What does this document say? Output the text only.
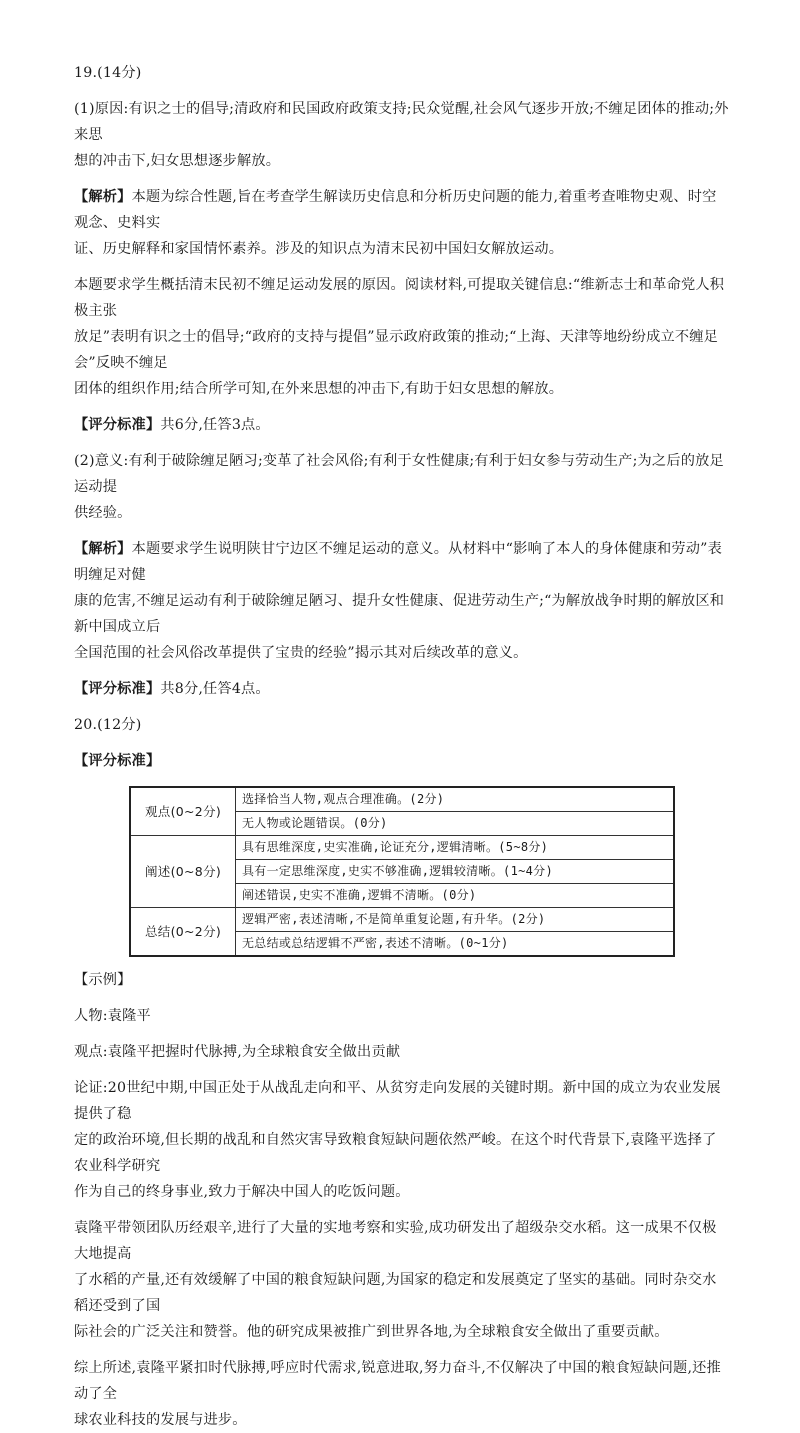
19.(14分)

(1)原因:有识之士的倡导;清政府和民国政府政策支持;民众觉醒,社会风气逐步开放;不缠足团体的推动;外来思

想的冲击下,妇女思想逐步解放。

【解析】本题为综合性题,旨在考查学生解读历史信息和分析历史问题的能力,着重考查唯物史观、时空观念、史料实

证、历史解释和家国情怀素养。涉及的知识点为清末民初中国妇女解放运动。

本题要求学生概括清末民初不缠足运动发展的原因。阅读材料,可提取关键信息:“维新志士和革命党人积极主张

放足”表明有识之士的倡导;“政府的支持与提倡”显示政府政策的推动;“上海、天津等地纷纷成立不缠足会”反映不缠足

团体的组织作用;结合所学可知,在外来思想的冲击下,有助于妇女思想的解放。

【评分标准】共6分,任答3点。

(2)意义:有利于破除缠足陋习;变革了社会风俗;有利于女性健康;有利于妇女参与劳动生产;为之后的放足运动提

供经验。

【解析】本题要求学生说明陕甘宁边区不缠足运动的意义。从材料中“影响了本人的身体健康和劳动”表明缠足对健

康的危害,不缠足运动有利于破除缠足陋习、提升女性健康、促进劳动生产;“为解放战争时期的解放区和新中国成立后

全国范围的社会风俗改革提供了宝贵的经验”揭示其对后续改革的意义。

【评分标准】共8分,任答4点。

20.(12分)

【评分标准】

观点(0~2分)	选择恰当人物,观点合理准确。(2分)
	无人物或论题错误。(0分)
阐述(0~8分)	具有思维深度,史实准确,论证充分,逻辑清晰。(5~8分)
	具有一定思维深度,史实不够准确,逻辑较清晰。(1~4分)
	阐述错误,史实不准确,逻辑不清晰。(0分)
总结(0~2分)	逻辑严密,表述清晰,不是简单重复论题,有升华。(2分)
	无总结或总结逻辑不严密,表述不清晰。(0~1分)

【示例】

人物:袁隆平

观点:袁隆平把握时代脉搏,为全球粮食安全做出贡献

论证:20世纪中期,中国正处于从战乱走向和平、从贫穷走向发展的关键时期。新中国的成立为农业发展提供了稳

定的政治环境,但长期的战乱和自然灾害导致粮食短缺问题依然严峻。在这个时代背景下,袁隆平选择了农业科学研究

作为自己的终身事业,致力于解决中国人的吃饭问题。

袁隆平带领团队历经艰辛,进行了大量的实地考察和实验,成功研发出了超级杂交水稻。这一成果不仅极大地提高

了水稻的产量,还有效缓解了中国的粮食短缺问题,为国家的稳定和发展奠定了坚实的基础。同时杂交水稻还受到了国

际社会的广泛关注和赞誉。他的研究成果被推广到世界各地,为全球粮食安全做出了重要贡献。

综上所述,袁隆平紧扣时代脉搏,呼应时代需求,锐意进取,努力奋斗,不仅解决了中国的粮食短缺问题,还推动了全

球农业科技的发展与进步。
